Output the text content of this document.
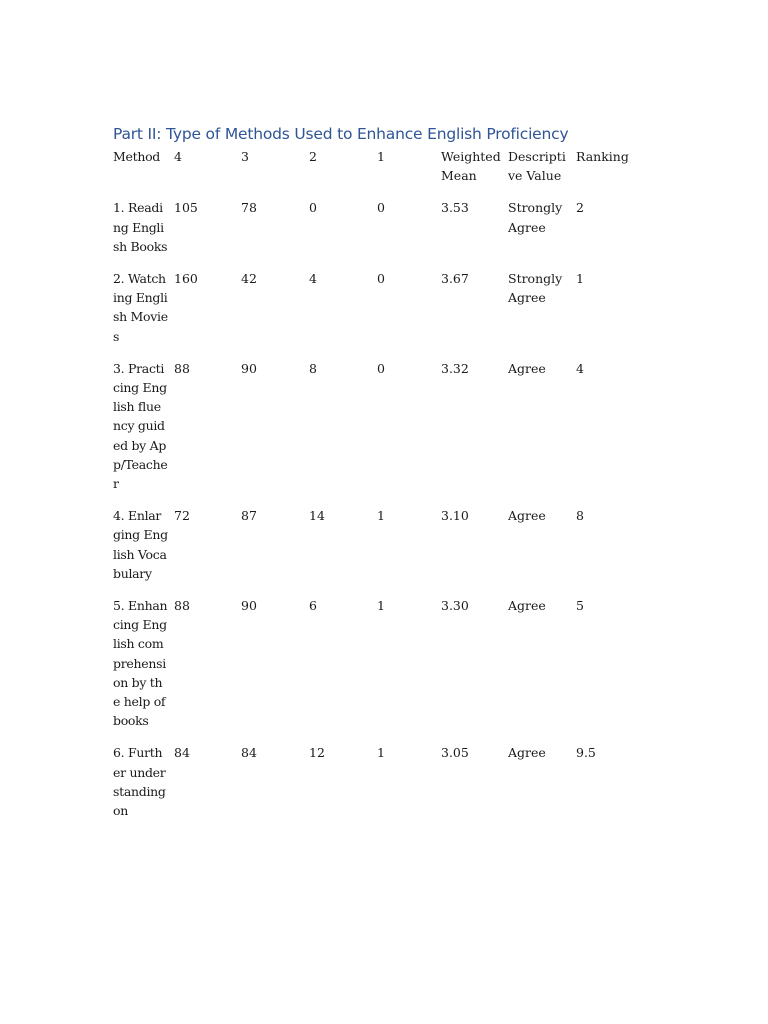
Part II: Type of Methods Used to Enhance English Proficiency
Method	4	3	2	1	Weighted Mean	Descriptive Value	Ranking
1. Reading English Books	105	78	0	0	3.53	Strongly Agree	2
2. Watching English Movies	160	42	4	0	3.67	Strongly Agree	1
3. Practicing English fluency guided by App/Teacher	88	90	8	0	3.32	Agree	4
4. Enlarging English Vocabulary	72	87	14	1	3.10	Agree	8
5. Enhancing English comprehension by the help of books	88	90	6	1	3.30	Agree	5
6. Further understanding on	84	84	12	1	3.05	Agree	9.5
